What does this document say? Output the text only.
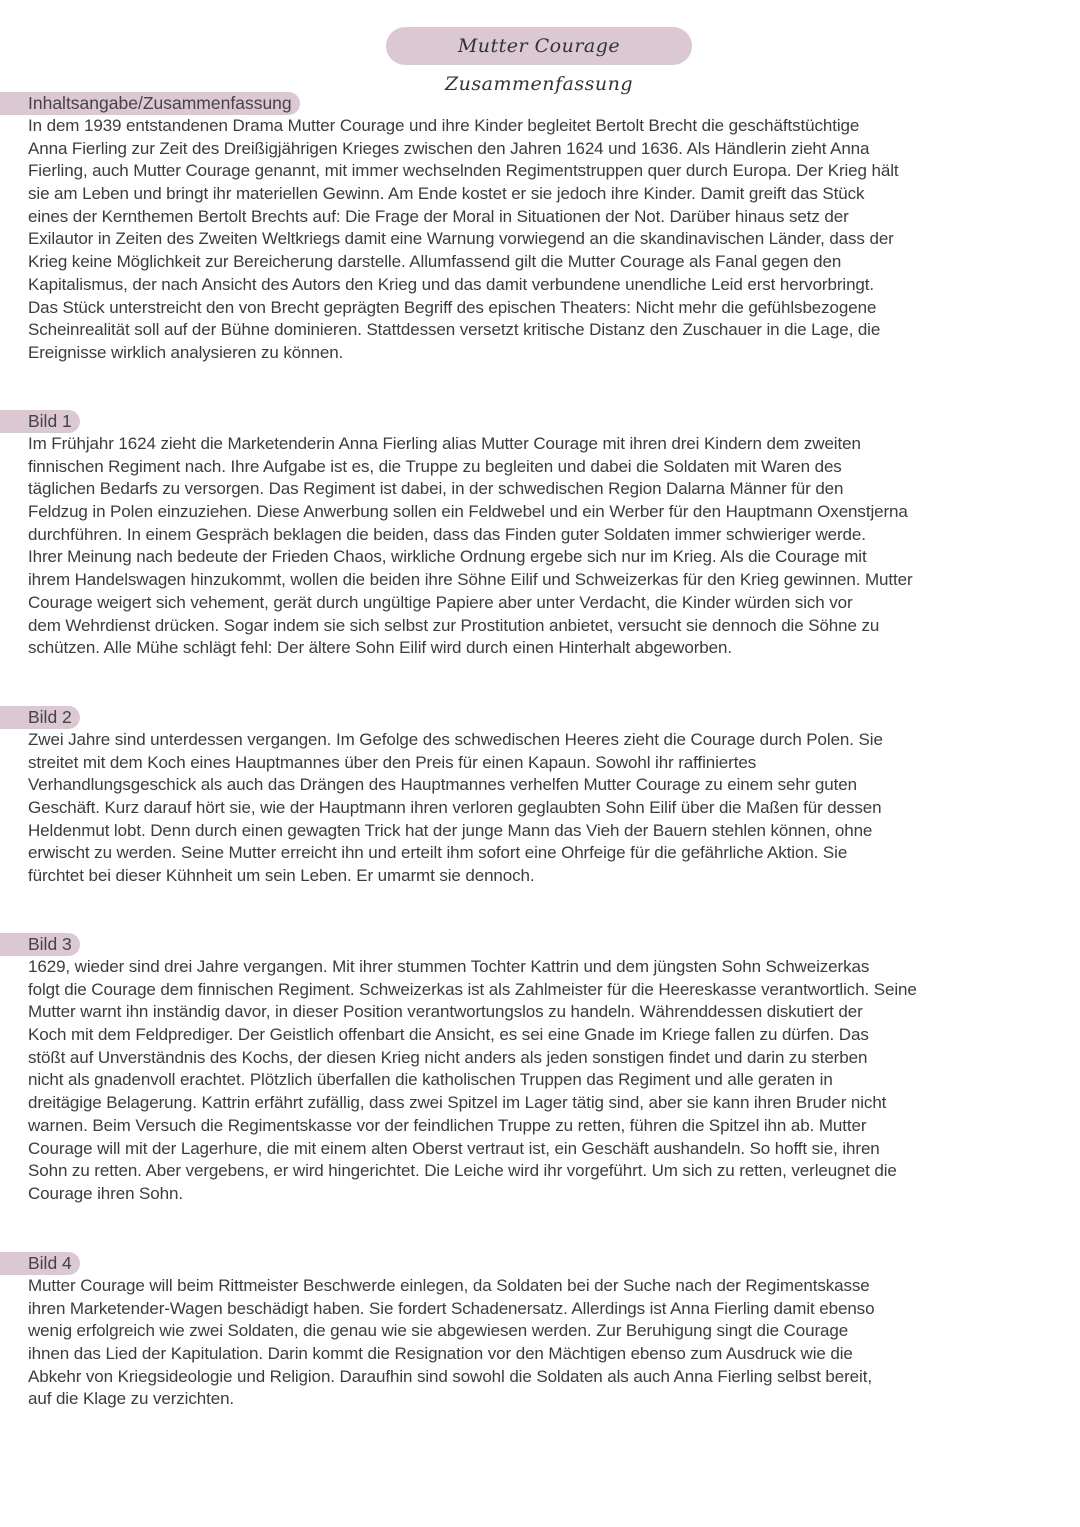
Mutter Courage Zusammenfassung
Inhaltsangabe/Zusammenfassung
In dem 1939 entstandenen Drama Mutter Courage und ihre Kinder begleitet Bertolt Brecht die geschäftstüchtige
Anna Fierling zur Zeit des Dreißigjährigen Krieges zwischen den Jahren 1624 und 1636. Als Händlerin zieht Anna
Fierling, auch Mutter Courage genannt, mit immer wechselnden Regimentstruppen quer durch Europa. Der Krieg hält
sie am Leben und bringt ihr materiellen Gewinn. Am Ende kostet er sie jedoch ihre Kinder. Damit greift das Stück
eines der Kernthemen Bertolt Brechts auf: Die Frage der Moral in Situationen der Not. Darüber hinaus setz der
Exilautor in Zeiten des Zweiten Weltkriegs damit eine Warnung vorwiegend an die skandinavischen Länder, dass der
Krieg keine Möglichkeit zur Bereicherung darstelle. Allumfassend gilt die Mutter Courage als Fanal gegen den
Kapitalismus, der nach Ansicht des Autors den Krieg und das damit verbundene unendliche Leid erst hervorbringt.
Das Stück unterstreicht den von Brecht geprägten Begriff des epischen Theaters: Nicht mehr die gefühlsbezogene
Scheinrealität soll auf der Bühne dominieren. Stattdessen versetzt kritische Distanz den Zuschauer in die Lage, die
Ereignisse wirklich analysieren zu können.
Bild 1
Im Frühjahr 1624 zieht die Marketenderin Anna Fierling alias Mutter Courage mit ihren drei Kindern dem zweiten
finnischen Regiment nach. Ihre Aufgabe ist es, die Truppe zu begleiten und dabei die Soldaten mit Waren des
täglichen Bedarfs zu versorgen. Das Regiment ist dabei, in der schwedischen Region Dalarna Männer für den
Feldzug in Polen einzuziehen. Diese Anwerbung sollen ein Feldwebel und ein Werber für den Hauptmann Oxenstjerna
durchführen. In einem Gespräch beklagen die beiden, dass das Finden guter Soldaten immer schwieriger werde.
Ihrer Meinung nach bedeute der Frieden Chaos, wirkliche Ordnung ergebe sich nur im Krieg. Als die Courage mit
ihrem Handelswagen hinzukommt, wollen die beiden ihre Söhne Eilif und Schweizerkas für den Krieg gewinnen. Mutter
Courage weigert sich vehement, gerät durch ungültige Papiere aber unter Verdacht, die Kinder würden sich vor
dem Wehrdienst drücken. Sogar indem sie sich selbst zur Prostitution anbietet, versucht sie dennoch die Söhne zu
schützen. Alle Mühe schlägt fehl: Der ältere Sohn Eilif wird durch einen Hinterhalt abgeworben.
Bild 2
Zwei Jahre sind unterdessen vergangen. Im Gefolge des schwedischen Heeres zieht die Courage durch Polen. Sie
streitet mit dem Koch eines Hauptmannes über den Preis für einen Kapaun. Sowohl ihr raffiniertes
Verhandlungsgeschick als auch das Drängen des Hauptmannes verhelfen Mutter Courage zu einem sehr guten
Geschäft. Kurz darauf hört sie, wie der Hauptmann ihren verloren geglaubten Sohn Eilif über die Maßen für dessen
Heldenmut lobt. Denn durch einen gewagten Trick hat der junge Mann das Vieh der Bauern stehlen können, ohne
erwischt zu werden. Seine Mutter erreicht ihn und erteilt ihm sofort eine Ohrfeige für die gefährliche Aktion. Sie
fürchtet bei dieser Kühnheit um sein Leben. Er umarmt sie dennoch.
Bild 3
1629, wieder sind drei Jahre vergangen. Mit ihrer stummen Tochter Kattrin und dem jüngsten Sohn Schweizerkas
folgt die Courage dem finnischen Regiment. Schweizerkas ist als Zahlmeister für die Heereskasse verantwortlich. Seine
Mutter warnt ihn inständig davor, in dieser Position verantwortungslos zu handeln. Währenddessen diskutiert der
Koch mit dem Feldprediger. Der Geistlich offenbart die Ansicht, es sei eine Gnade im Kriege fallen zu dürfen. Das
stößt auf Unverständnis des Kochs, der diesen Krieg nicht anders als jeden sonstigen findet und darin zu sterben
nicht als gnadenvoll erachtet. Plötzlich überfallen die katholischen Truppen das Regiment und alle geraten in
dreitägige Belagerung. Kattrin erfährt zufällig, dass zwei Spitzel im Lager tätig sind, aber sie kann ihren Bruder nicht
warnen. Beim Versuch die Regimentskasse vor der feindlichen Truppe zu retten, führen die Spitzel ihn ab. Mutter
Courage will mit der Lagerhure, die mit einem alten Oberst vertraut ist, ein Geschäft aushandeln. So hofft sie, ihren
Sohn zu retten. Aber vergebens, er wird hingerichtet. Die Leiche wird ihr vorgeführt. Um sich zu retten, verleugnet die
Courage ihren Sohn.
Bild 4
Mutter Courage will beim Rittmeister Beschwerde einlegen, da Soldaten bei der Suche nach der Regimentskasse
ihren Marketender-Wagen beschädigt haben. Sie fordert Schadenersatz. Allerdings ist Anna Fierling damit ebenso
wenig erfolgreich wie zwei Soldaten, die genau wie sie abgewiesen werden. Zur Beruhigung singt die Courage
ihnen das Lied der Kapitulation. Darin kommt die Resignation vor den Mächtigen ebenso zum Ausdruck wie die
Abkehr von Kriegsideologie und Religion. Daraufhin sind sowohl die Soldaten als auch Anna Fierling selbst bereit,
auf die Klage zu verzichten.
